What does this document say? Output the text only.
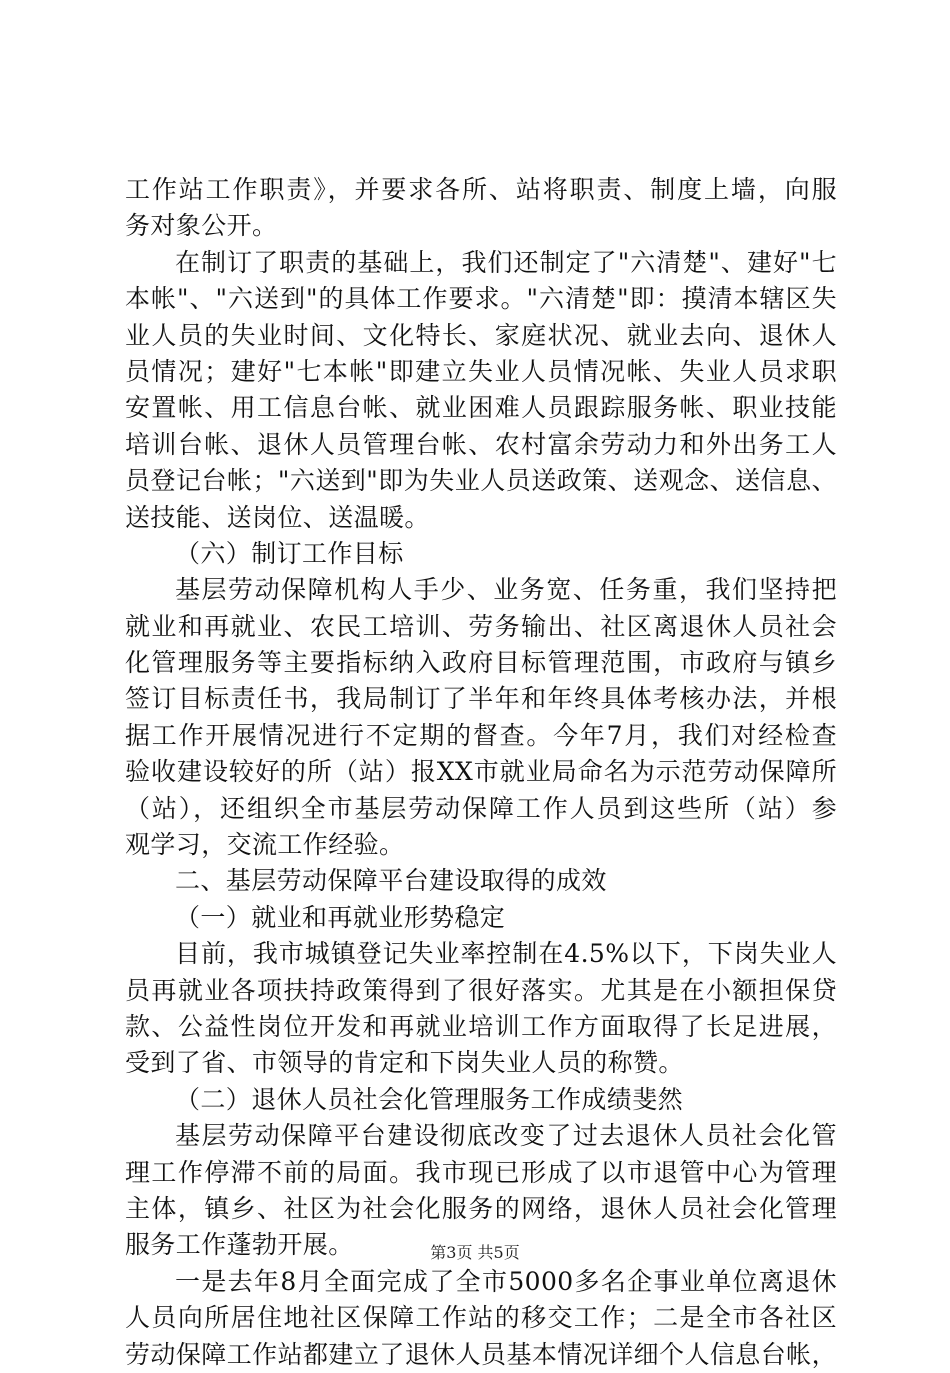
工作站工作职责》，并要求各所、站将职责、制度上墙，向服
务对象公开。
在制订了职责的基础上，我们还制定了"六清楚"、建好"七
本帐"、"六送到"的具体工作要求。"六清楚"即：摸清本辖区失
业人员的失业时间、文化特长、家庭状况、就业去向、退休人
员情况；建好"七本帐"即建立失业人员情况帐、失业人员求职
安置帐、用工信息台帐、就业困难人员跟踪服务帐、职业技能
培训台帐、退休人员管理台帐、农村富余劳动力和外出务工人
员登记台帐；"六送到"即为失业人员送政策、送观念、送信息、
送技能、送岗位、送温暖。
（六）制订工作目标
基层劳动保障机构人手少、业务宽、任务重，我们坚持把
就业和再就业、农民工培训、劳务输出、社区离退休人员社会
化管理服务等主要指标纳入政府目标管理范围，市政府与镇乡
签订目标责任书，我局制订了半年和年终具体考核办法，并根
据工作开展情况进行不定期的督查。今年7月，我们对经检查
验收建设较好的所（站）报XX市就业局命名为示范劳动保障所
（站），还组织全市基层劳动保障工作人员到这些所（站）参
观学习，交流工作经验。
二、基层劳动保障平台建设取得的成效
（一）就业和再就业形势稳定
目前，我市城镇登记失业率控制在4.5%以下，下岗失业人
员再就业各项扶持政策得到了很好落实。尤其是在小额担保贷
款、公益性岗位开发和再就业培训工作方面取得了长足进展，
受到了省、市领导的肯定和下岗失业人员的称赞。
（二）退休人员社会化管理服务工作成绩斐然
基层劳动保障平台建设彻底改变了过去退休人员社会化管
理工作停滞不前的局面。我市现已形成了以市退管中心为管理
主体，镇乡、社区为社会化服务的网络，退休人员社会化管理
服务工作蓬勃开展。
一是去年8月全面完成了全市5000多名企事业单位离退休
人员向所居住地社区保障工作站的移交工作；二是全市各社区
劳动保障工作站都建立了退休人员基本情况详细个人信息台帐，
第3页 共5页
